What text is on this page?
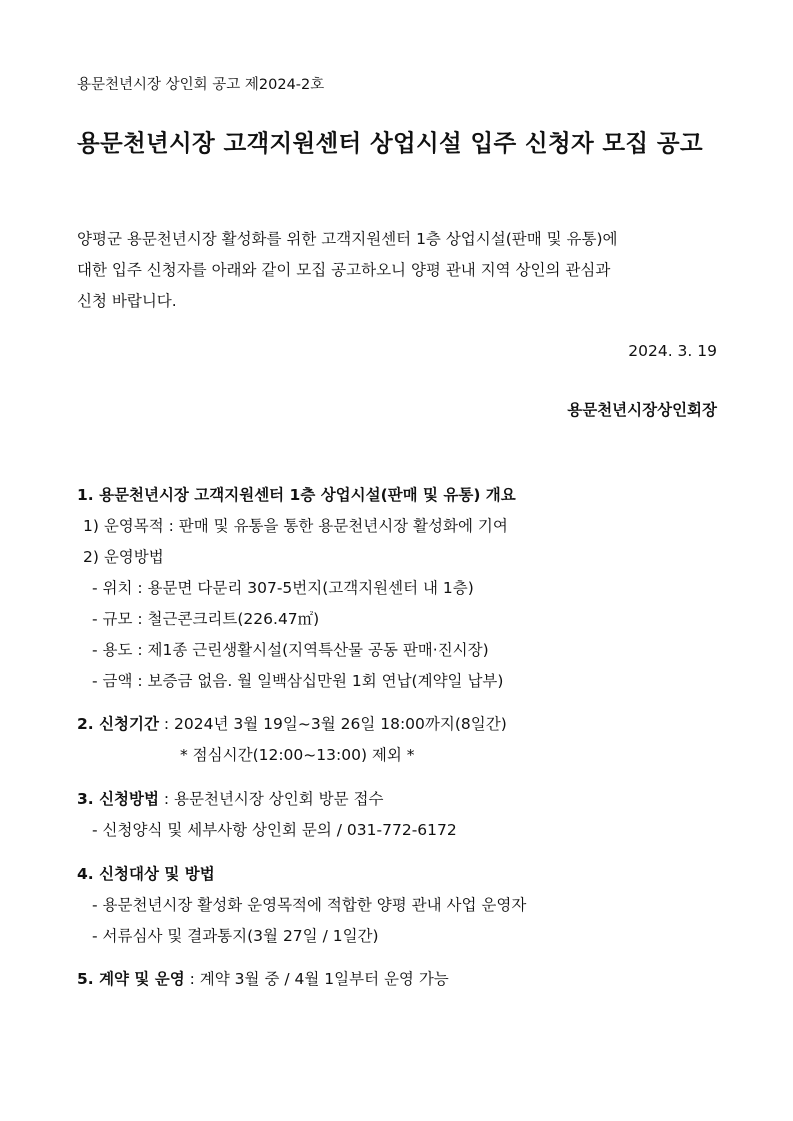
용문천년시장 상인회 공고 제2024-2호
용문천년시장 고객지원센터 상업시설 입주 신청자 모집 공고
양평군 용문천년시장 활성화를 위한 고객지원센터 1층 상업시설(판매 및 유통)에
대한 입주 신청자를 아래와 같이 모집 공고하오니 양평 관내 지역 상인의 관심과
신청 바랍니다.
2024. 3. 19
용문천년시장상인회장
1. 용문천년시장 고객지원센터 1층 상업시설(판매 및 유통) 개요
1) 운영목적 : 판매 및 유통을 통한 용문천년시장 활성화에 기여
2) 운영방법
- 위치 : 용문면 다문리 307-5번지(고객지원센터 내 1층)
- 규모 : 철근콘크리트(226.47㎡)
- 용도 : 제1종 근린생활시설(지역특산물 공동 판매·진시장)
- 금액 : 보증금 없음. 월 일백삼십만원 1회 연납(계약일 납부)
2. 신청기간 : 2024년 3월 19일~3월 26일 18:00까지(8일간)
* 점심시간(12:00~13:00) 제외 *
3. 신청방법 : 용문천년시장 상인회 방문 접수
- 신청양식 및 세부사항 상인회 문의 / 031-772-6172
4. 신청대상 및 방법
- 용문천년시장 활성화 운영목적에 적합한 양평 관내 사업 운영자
- 서류심사 및 결과통지(3월 27일 / 1일간)
5. 계약 및 운영 : 계약 3월 중 / 4월 1일부터 운영 가능
